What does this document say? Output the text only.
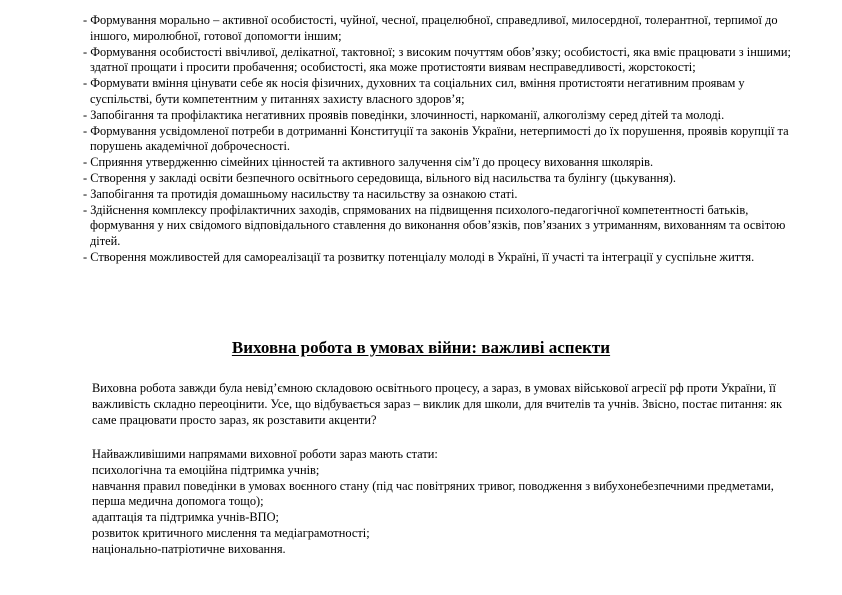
- Формування морально – активної особистості, чуйної, чесної, працелюбної, справедливої, милосердної, толерантної, терпимої до іншого, миролюбної, готової допомогти іншим;

- Формування особистості ввічливої, делікатної, тактовної; з високим почуттям обов’язку; особистості, яка вміє працювати з іншими; здатної прощати і просити пробачення; особистості, яка може протистояти виявам несправедливості, жорстокості;

- Формувати вміння цінувати себе як носія фізичних, духовних та соціальних сил, вміння протистояти негативним проявам у суспільстві, бути компетентним у питаннях захисту власного здоров’я;

- Запобігання та профілактика негативних проявів поведінки, злочинності, наркоманії, алкоголізму серед дітей та молоді.

- Формування усвідомленої потреби в дотриманні Конституції та законів України, нетерпимості до їх порушення, проявів корупції та порушень академічної доброчесності.

- Сприяння утвердженню сімейних цінностей та активного залучення сім’ї до процесу виховання школярів.

- Створення у закладі освіти безпечного освітнього середовища, вільного від насильства та булінгу (цькування).

- Запобігання та протидія домашньому насильству та насильству за ознакою статі.

- Здійснення комплексу профілактичних заходів, спрямованих на підвищення психолого-педагогічної компетентності батьків, формування у них свідомого відповідального ставлення до виконання обов’язків, пов’язаних з утриманням, вихованням та освітою дітей.

- Створення можливостей для самореалізації та розвитку потенціалу молоді в Україні, її участі та інтеграції у суспільне життя.

Виховна робота в умовах війни: важливі аспекти

Виховна робота завжди була невід’ємною складовою освітнього процесу, а зараз, в умовах військової агресії рф проти України, її важливість складно переоцінити. Усе, що відбувається зараз – виклик для школи, для вчителів та учнів. Звісно, постає питання: як саме працювати просто зараз, як розставити акценти?

Найважливішими напрямами виховної роботи зараз мають стати:
психологічна та емоційна підтримка учнів;
навчання правил поведінки в умовах воєнного стану (під час повітряних тривог, поводження з вибухонебезпечними предметами, перша медична допомога тощо);
адаптація та підтримка учнів-ВПО;
розвиток критичного мислення та медіаграмотності;
національно-патріотичне виховання.
